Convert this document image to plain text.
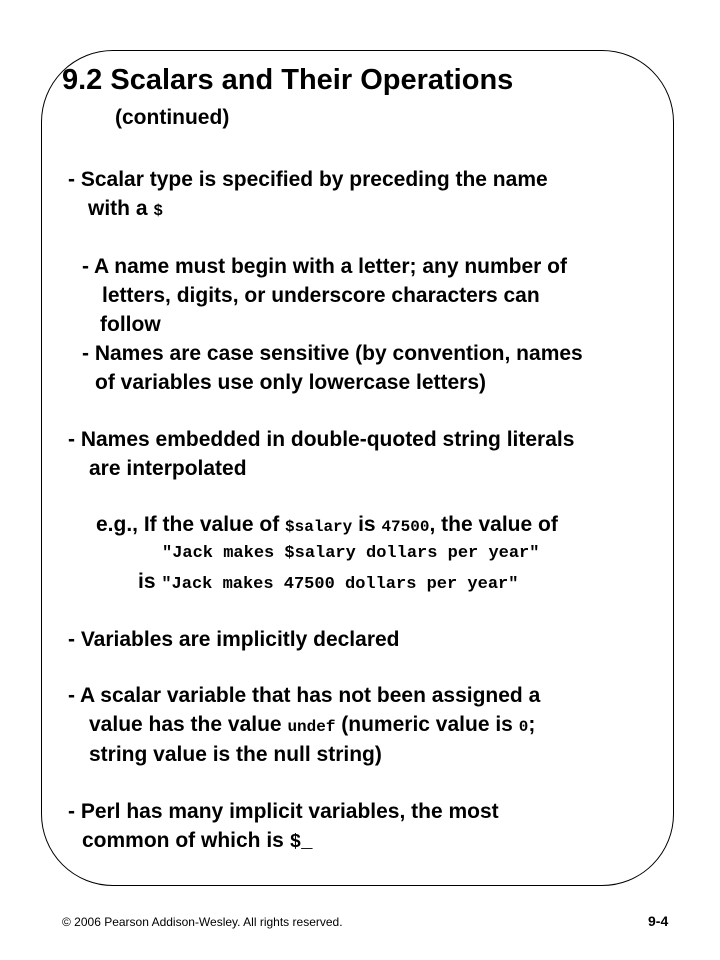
9.2 Scalars and Their Operations
(continued)
- Scalar type is specified by preceding the name
with a $
- A name must begin with a letter; any number of
letters, digits, or underscore characters can
follow
- Names are case sensitive (by convention, names
of variables use only lowercase letters)
- Names embedded in double-quoted string literals
are interpolated
e.g., If the value of $salary is 47500, the value of
"Jack makes $salary dollars per year"
is "Jack makes 47500 dollars per year"
- Variables are implicitly declared
- A scalar variable that has not been assigned a
value has the value undef (numeric value is 0;
string value is the null string)
- Perl has many implicit variables, the most
common of which is $_
© 2006 Pearson Addison-Wesley. All rights reserved.	9-4
